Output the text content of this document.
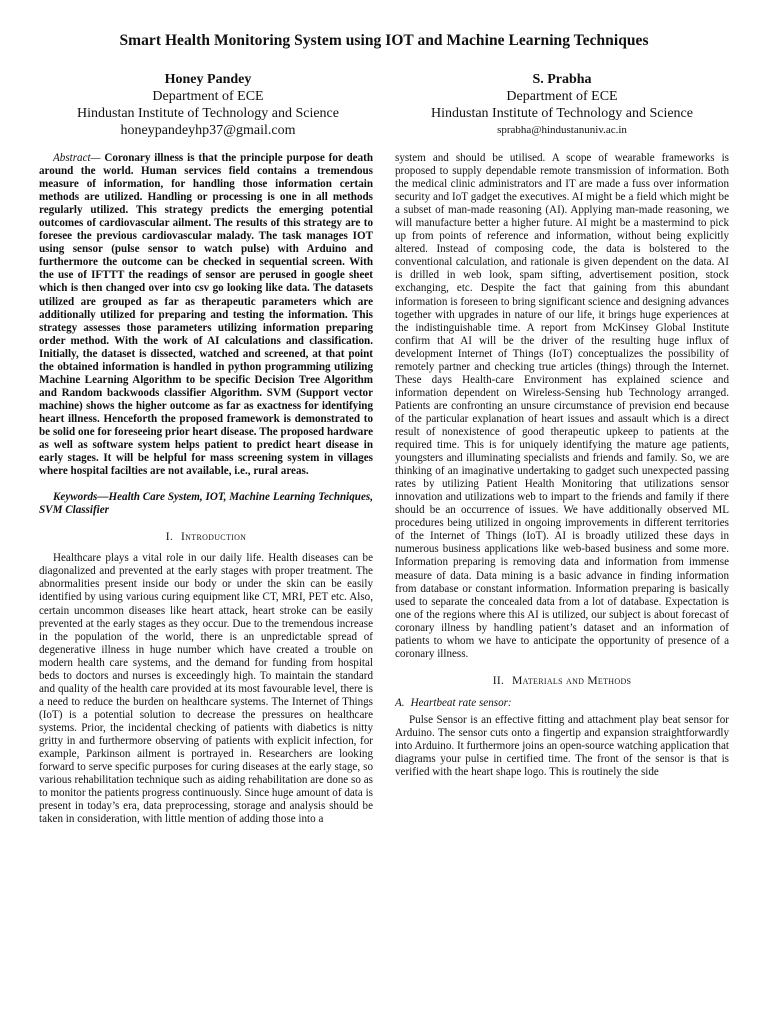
Smart Health Monitoring System using IOT and Machine Learning Techniques
Honey Pandey
Department of ECE
Hindustan Institute of Technology and Science
honeypandeyhp37@gmail.com
S. Prabha
Department of ECE
Hindustan Institute of Technology and Science
sprabha@hindustanuniv.ac.in

Abstract— Coronary illness is that the principle purpose for death around the world. Human services field contains a tremendous measure of information, for handling those information certain methods are utilized. Handling or processing is one in all methods regularly utilized. This strategy predicts the emerging potential outcomes of cardiovascular ailment. The results of this strategy are to foresee the previous cardiovascular malady. The task manages IOT using sensor (pulse sensor to watch pulse) with Arduino and furthermore the outcome can be checked in sequential screen. With the use of IFTTT the readings of sensor are perused in google sheet which is then changed over into csv go looking like data. The datasets utilized are grouped as far as therapeutic parameters which are additionally utilized for preparing and testing the information. This strategy assesses those parameters utilizing information preparing order method. With the work of AI calculations and classification. Initially, the dataset is dissected, watched and screened, at that point the obtained information is handled in python programming utilizing Machine Learning Algorithm to be specific Decision Tree Algorithm and Random backwoods classifier Algorithm. SVM (Support vector machine) shows the higher outcome as far as exactness for identifying heart illness. Henceforth the proposed framework is demonstrated to be solid one for foreseeing prior heart disease. The proposed hardware as well as software system helps patient to predict heart disease in early stages. It will be helpful for mass screening system in villages where hospital facilties are not available, i.e., rural areas.

Keywords—Health Care System, IOT, Machine Learning Techniques, SVM Classifier

I. Introduction

Healthcare plays a vital role in our daily life. Health diseases can be diagonalized and prevented at the early stages with proper treatment. The abnormalities present inside our body or under the skin can be easily identified by using various curing equipment like CT, MRI, PET etc. Also, certain uncommon diseases like heart attack, heart stroke can be easily prevented at the early stages as they occur. Due to the tremendous increase in the population of the world, there is an unpredictable spread of degenerative illness in huge number which have created a trouble on modern health care systems, and the demand for funding from hospital beds to doctors and nurses is exceedingly high. To maintain the standard and quality of the health care provided at its most favourable level, there is a need to reduce the burden on healthcare systems. The Internet of Things (IoT) is a potential solution to decrease the pressures on healthcare systems. Prior, the incidental checking of patients with diabetics is nitty gritty in and furthermore observing of patients with explicit infection, for example, Parkinson ailment is portrayed in. Researchers are looking forward to serve specific purposes for curing diseases at the early stage, so various rehabilitation technique such as aiding rehabilitation are done so as to monitor the patients progress continuously. Since huge amount of data is present in today’s era, data preprocessing, storage and analysis should be taken in consideration, with little mention of adding those into a

system and should be utilised. A scope of wearable frameworks is proposed to supply dependable remote transmission of information. Both the medical clinic administrators and IT are made a fuss over information security and IoT gadget the executives. AI might be a field which might be a subset of man-made reasoning (AI). Applying man-made reasoning, we will manufacture better a higher future. AI might be a mastermind to pick up from points of reference and information, without being explicitly altered. Instead of composing code, the data is bolstered to the conventional calculation, and rationale is given dependent on the data. AI is drilled in web look, spam sifting, advertisement position, stock exchanging, etc. Despite the fact that gaining from this abundant information is foreseen to bring significant science and designing advances together with upgrades in nature of our life, it brings huge experiences at the indistinguishable time. A report from McKinsey Global Institute confirm that AI will be the driver of the resulting huge influx of development Internet of Things (IoT) conceptualizes the possibility of remotely partner and checking true articles (things) through the Internet. These days Health-care Environment has explained science and information dependent on Wireless-Sensing hub Technology arranged. Patients are confronting an unsure circumstance of prevision end because of the particular explanation of heart issues and assault which is a direct result of nonexistence of good therapeutic upkeep to patients at the required time. This is for uniquely identifying the mature age patients, youngsters and illuminating specialists and friends and family. So, we are thinking of an imaginative undertaking to gadget such unexpected passing rates by utilizing Patient Health Monitoring that utilizations sensor innovation and utilizations web to impart to the friends and family if there should be an occurrence of issues. We have additionally observed ML procedures being utilized in ongoing improvements in different territories of the Internet of Things (IoT). AI is broadly utilized these days in numerous business applications like web-based business and some more. Information preparing is removing data and information from immense measure of data. Data mining is a basic advance in finding information from database or constant information. Information preparing is basically used to separate the concealed data from a lot of database. Expectation is one of the regions where this AI is utilized, our subject is about forecast of coronary illness by handling patient’s dataset and an information of patients to whom we have to anticipate the opportunity of presence of a coronary illness.

II. Materials and Methods

A. Heartbeat rate sensor:

Pulse Sensor is an effective fitting and attachment play beat sensor for Arduino. The sensor cuts onto a fingertip and expansion straightforwardly into Arduino. It furthermore joins an open-source watching application that diagrams your pulse in certified time. The front of the sensor is that is verified with the heart shape logo. This is routinely the side
